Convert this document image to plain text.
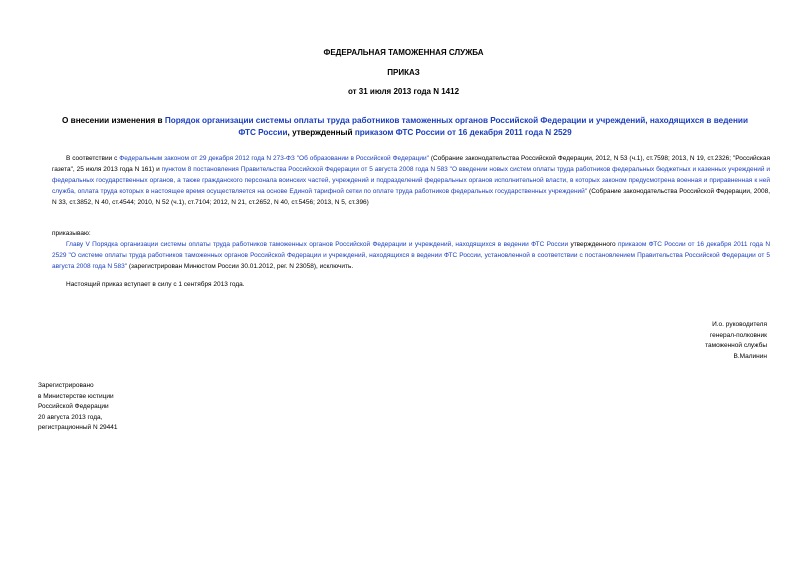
ФЕДЕРАЛЬНАЯ ТАМОЖЕННАЯ СЛУЖБА
ПРИКАЗ
от 31 июля 2013 года N 1412
О внесении изменения в Порядок организации системы оплаты труда работников таможенных органов Российской Федерации и учреждений, находящихся в ведении ФТС России, утвержденный приказом ФТС России от 16 декабря 2011 года N 2529
В соответствии с Федеральным законом от 29 декабря 2012 года N 273-ФЗ "Об образовании в Российской Федерации" (Собрание законодательства Российской Федерации, 2012, N 53 (ч.1), ст.7598; 2013, N 19, ст.2326; "Российская газета", 25 июля 2013 года N 161) и пунктом 8 постановления Правительства Российской Федерации от 5 августа 2008 года N 583 "О введении новых систем оплаты труда работников федеральных бюджетных и казенных учреждений и федеральных государственных органов, а также гражданского персонала воинских частей, учреждений и подразделений федеральных органов исполнительной власти, в которых законом предусмотрена военная и приравненная к ней служба, оплата труда которых в настоящее время осуществляется на основе Единой тарифной сетки по оплате труда работников федеральных государственных учреждений" (Собрание законодательства Российской Федерации, 2008, N 33, ст.3852, N 40, ст.4544; 2010, N 52 (ч.1), ст.7104; 2012, N 21, ст.2652, N 40, ст.5456; 2013, N 5, ст.396)
приказываю:
Главу V Порядка организации системы оплаты труда работников таможенных органов Российской Федерации и учреждений, находящихся в ведении ФТС России утвержденного приказом ФТС России от 16 декабря 2011 года N 2529 "О системе оплаты труда работников таможенных органов Российской Федерации и учреждений, находящихся в ведении ФТС России, установленной в соответствии с постановлением Правительства Российской Федерации от 5 августа 2008 года N 583" (зарегистрирован Минюстом России 30.01.2012, рег. N 23058), исключить.
Настоящий приказ вступает в силу с 1 сентября 2013 года.
И.о. руководителя
генерал-полковник
таможенной службы
В.Малинин
Зарегистрировано
в Министерстве юстиции
Российской Федерации
20 августа 2013 года,
регистрационный N 29441
